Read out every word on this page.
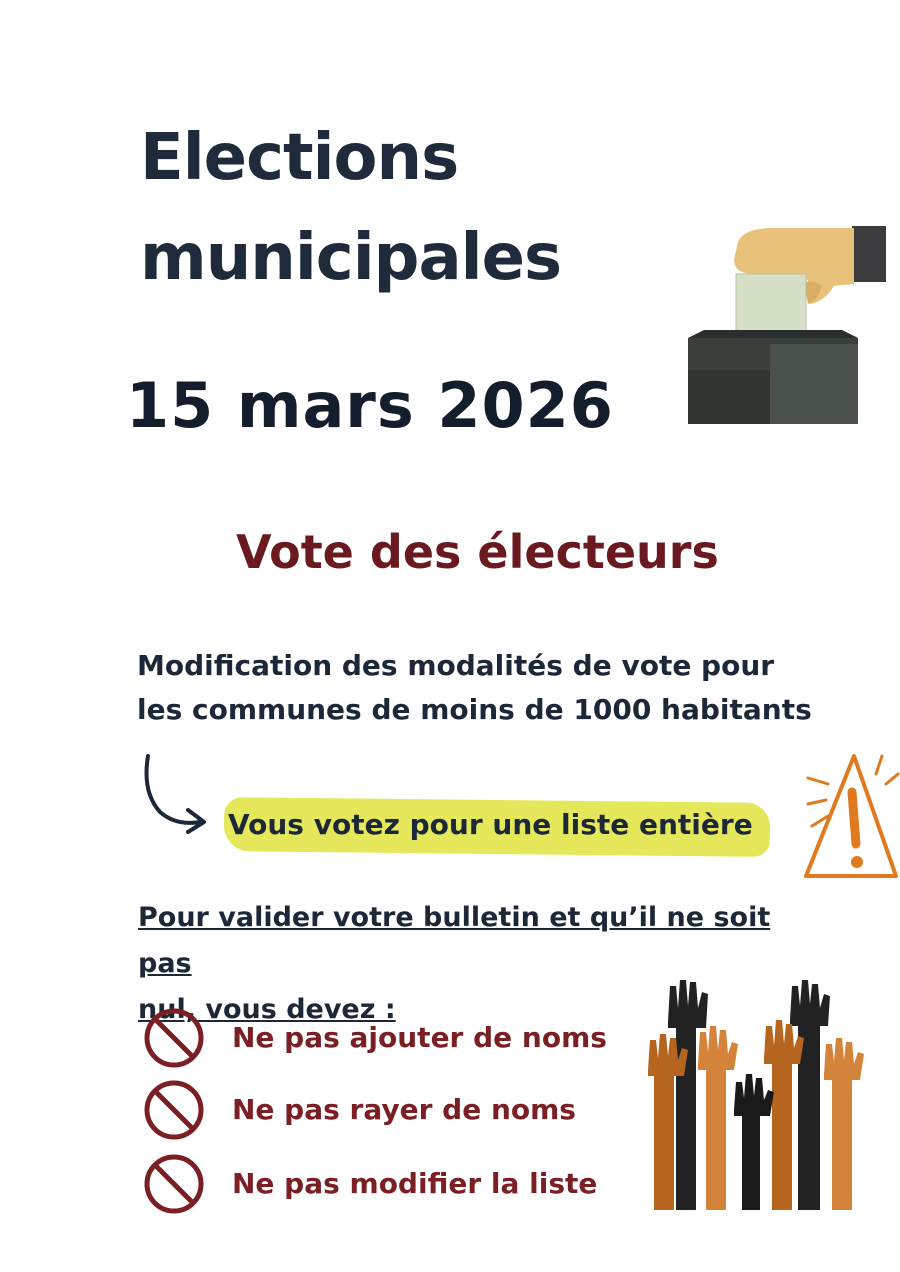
Elections
municipales
15 mars 2026
Vote des électeurs
Modification des modalités de vote pour
les communes de moins de 1000 habitants
Vous votez pour une liste entière
Pour valider votre bulletin et qu’il ne soit pas
nul, vous devez :
Ne pas ajouter de noms
Ne pas rayer de noms
Ne pas modifier la liste
